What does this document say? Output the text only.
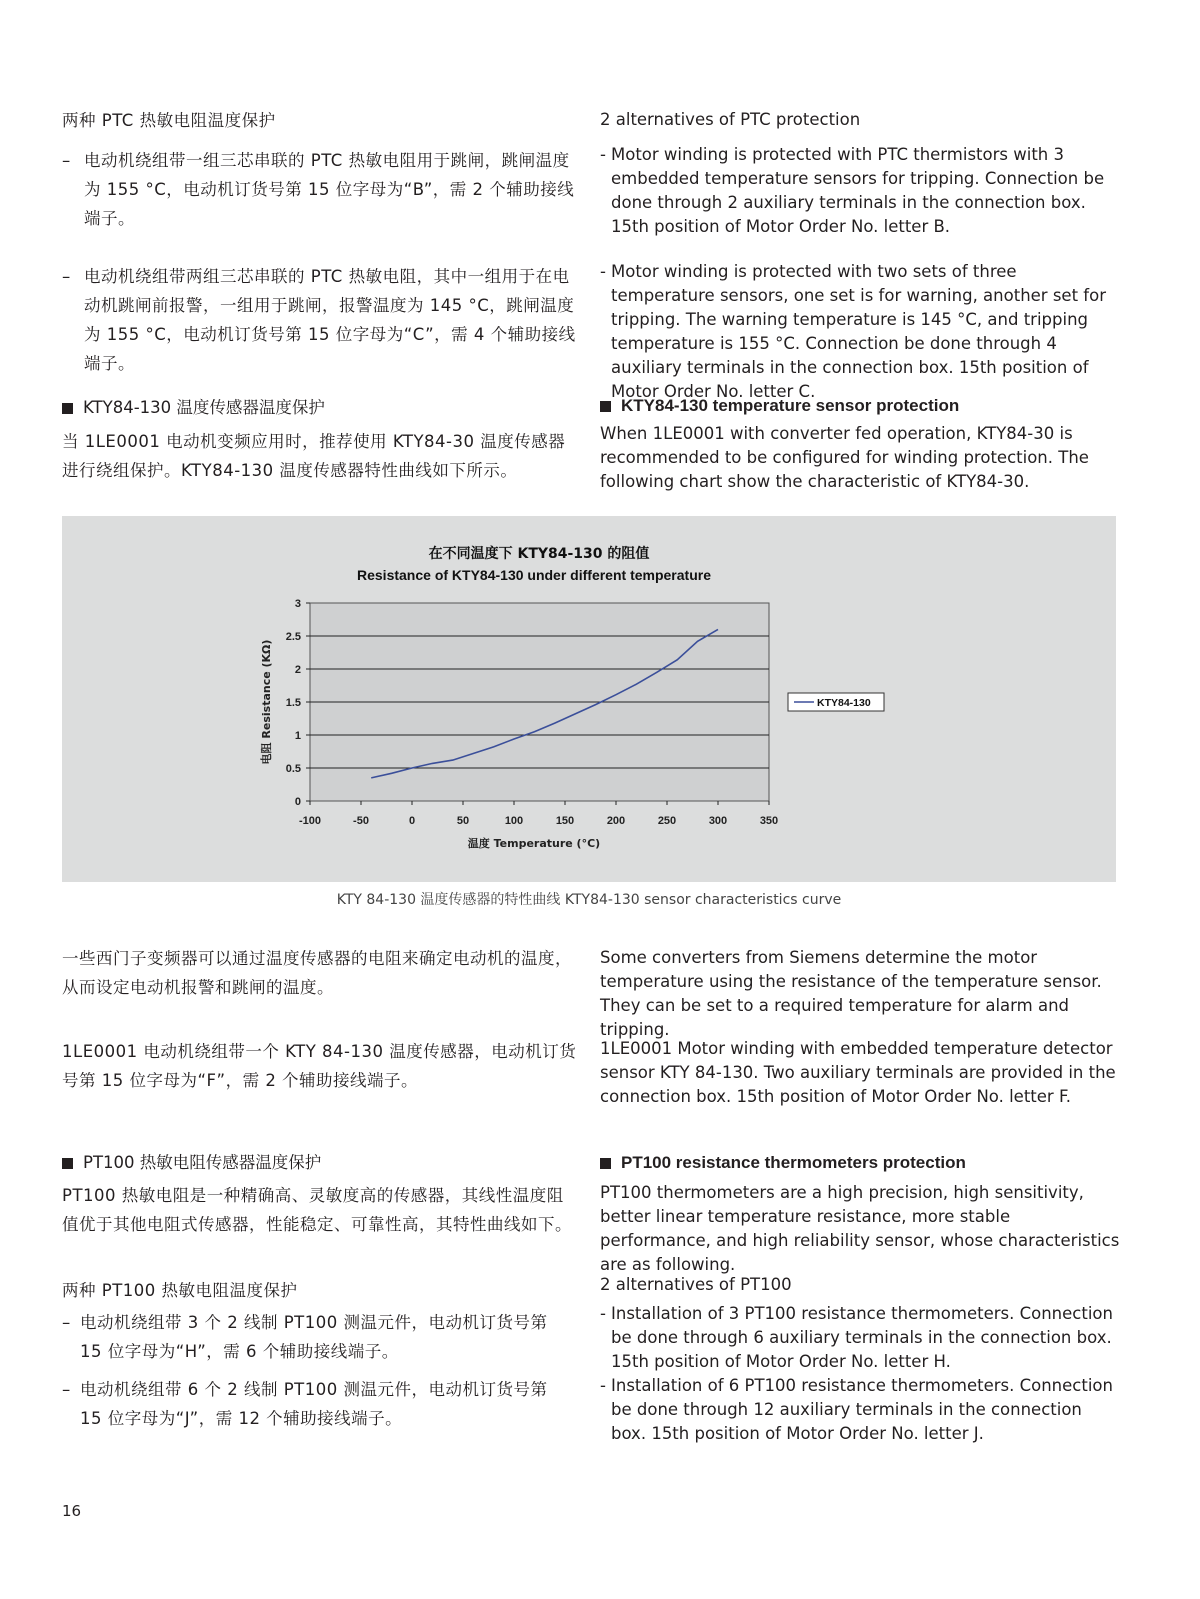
两种 PTC 热敏电阻温度保护	2 alternatives of PTC protection

– 电动机绕组带一组三芯串联的 PTC 热敏电阻用于跳闸，跳闸温度为 155 °C，电动机订货号第 15 位字母为“B”，需 2 个辅助接线端子。
- Motor winding is protected with PTC thermistors with 3 embedded temperature sensors for tripping. Connection be done through 2 auxiliary terminals in the connection box. 15th position of Motor Order No. letter B.
– 电动机绕组带两组三芯串联的 PTC 热敏电阻，其中一组用于在电动机跳闸前报警，一组用于跳闸，报警温度为 145 °C，跳闸温度为 155 °C，电动机订货号第 15 位字母为“C”，需 4 个辅助接线端子。
- Motor winding is protected with two sets of three temperature sensors, one set is for warning, another set for tripping. The warning temperature is 145 °C, and tripping temperature is 155 °C. Connection be done through 4 auxiliary terminals in the connection box. 15th position of Motor Order No. letter C.
KTY84-130 温度传感器温度保护	KTY84-130 temperature sensor protection

当 1LE0001 电动机变频应用时，推荐使用 KTY84-30 温度传感器进行绕组保护。KTY84-130 温度传感器特性曲线如下所示。

When 1LE0001 with converter fed operation, KTY84-30 is recommended to be configured for winding protection. The following chart show the characteristic of KTY84-30.

0
0.5
1
1.5
2
2.5
3
-100	-50	0	50	100	150	200	250	300	350
在不同温度下 KTY84-130 的阻值
Resistance of KTY84-130 under different temperature
温度 Temperature (°C)
电阻 Resistance (KΩ)	KTY84-130

KTY 84-130 温度传感器的特性曲线 KTY84-130 sensor characteristics curve

一些西门子变频器可以通过温度传感器的电阻来确定电动机的温度，从而设定电动机报警和跳闸的温度。

Some converters from Siemens determine the motor temperature using the resistance of the temperature sensor. They can be set to a required temperature for alarm and tripping.

1LE0001 电动机绕组带一个 KTY 84-130 温度传感器，电动机订货号第 15 位字母为“F”，需 2 个辅助接线端子。

1LE0001 Motor winding with embedded temperature detector sensor KTY 84-130. Two auxiliary terminals are provided in the connection box. 15th position of Motor Order No. letter F.

PT100 热敏电阻传感器温度保护	PT100 resistance thermometers protection

PT100 热敏电阻是一种精确高、灵敏度高的传感器，其线性温度阻值优于其他电阻式传感器，性能稳定、可靠性高，其特性曲线如下。

PT100 thermometers are a high precision, high sensitivity, better linear temperature resistance, more stable performance, and high reliability sensor, whose characteristics are as following.

两种 PT100 热敏电阻温度保护	2 alternatives of PT100

– 电动机绕组带 3 个 2 线制 PT100 测温元件，电动机订货号第 15 位字母为“H”，需 6 个辅助接线端子。
- Installation of 3 PT100 resistance thermometers. Connection be done through 6 auxiliary terminals in the connection box. 15th position of Motor Order No. letter H.
– 电动机绕组带 6 个 2 线制 PT100 测温元件，电动机订货号第 15 位字母为“J”，需 12 个辅助接线端子。
- Installation of 6 PT100 resistance thermometers. Connection be done through 12 auxiliary terminals in the connection box. 15th position of Motor Order No. letter J.

16
